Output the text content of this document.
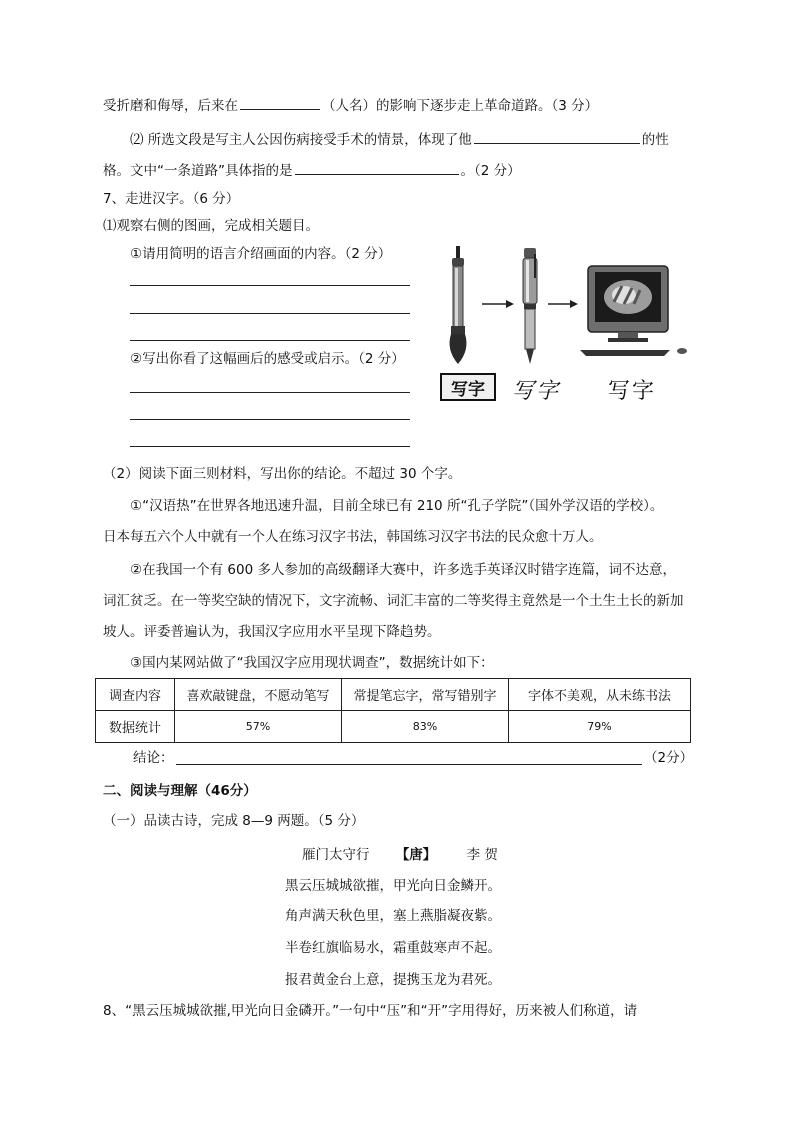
受折磨和侮辱，后来在	（人名）的影响下逐步走上革命道路。（3 分）
⑵ 所选文段是写主人公因伤病接受手术的情景，体现了他	的性
格。文中“一条道路”具体指的是	。（2 分）
7、走进汉字。（6 分）
⑴观察右侧的图画，完成相关题目。
①请用简明的语言介绍画面的内容。（2 分）
②写出你看了这幅画后的感受或启示。（2 分）
写字	写字 写字
（2）阅读下面三则材料，写出你的结论。不超过 30 个字。
①“汉语热”在世界各地迅速升温，目前全球已有 210 所“孔子学院”（国外学汉语的学校）。
日本每五六个人中就有一个人在练习汉字书法，韩国练习汉字书法的民众愈十万人。
②在我国一个有 600 多人参加的高级翻译大赛中，许多选手英译汉时错字连篇，词不达意，
词汇贫乏。在一等奖空缺的情况下，文字流畅、词汇丰富的二等奖得主竟然是一个土生土长的新加
坡人。评委普遍认为，我国汉字应用水平呈现下降趋势。
③国内某网站做了“我国汉字应用现状调查”，数据统计如下：
调查内容	喜欢敲键盘，不愿动笔写	常提笔忘字，常写错别字	字体不美观，从未练书法
数据统计	57%	83%	79%
结论：	（2分）
二、阅读与理解（46分）
（一）品读古诗，完成 8—9 两题。（5 分）
雁门太守行 【唐】 李 贺
黑云压城城欲摧，甲光向日金鳞开。
角声满天秋色里，塞上燕脂凝夜紫。
半卷红旗临易水，霜重鼓寒声不起。
报君黄金台上意，提携玉龙为君死。
8、“黑云压城城欲摧,甲光向日金磷开。”一句中“压”和“开”字用得好，历来被人们称道，请
